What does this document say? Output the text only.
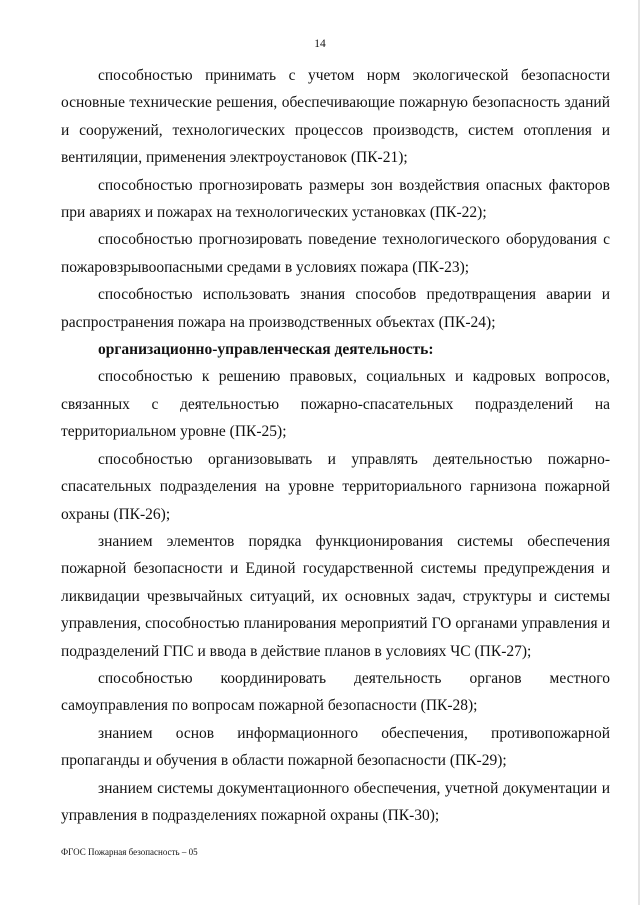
14

способностью принимать с учетом норм экологической безопасности основные технические решения, обеспечивающие пожарную безопасность зданий и сооружений, технологических процессов производств, систем отопления и вентиляции, применения электроустановок (ПК-21);

способностью прогнозировать размеры зон воздействия опасных факторов при авариях и пожарах на технологических установках (ПК-22);

способностью прогнозировать поведение технологического оборудования с пожаровзрывоопасными средами в условиях пожара (ПК-23);

способностью использовать знания способов предотвращения аварии и распространения пожара на производственных объектах (ПК-24);

организационно-управленческая деятельность:

способностью к решению правовых, социальных и кадровых вопросов, связанных с деятельностью пожарно-спасательных подразделений на территориальном уровне (ПК-25);

способностью организовывать и управлять деятельностью пожарно-спасательных подразделения на уровне территориального гарнизона пожарной охраны (ПК-26);

знанием элементов порядка функционирования системы обеспечения пожарной безопасности и Единой государственной системы предупреждения и ликвидации чрезвычайных ситуаций, их основных задач, структуры и системы управления, способностью планирования мероприятий ГО органами управления и подразделений ГПС и ввода в действие планов в условиях ЧС (ПК-27);

способностью координировать деятельность органов местного самоуправления по вопросам пожарной безопасности (ПК-28);

знанием основ информационного обеспечения, противопожарной пропаганды и обучения в области пожарной безопасности (ПК-29);

знанием системы документационного обеспечения, учетной документации и управления в подразделениях пожарной охраны (ПК-30);

ФГОС Пожарная безопасность – 05
